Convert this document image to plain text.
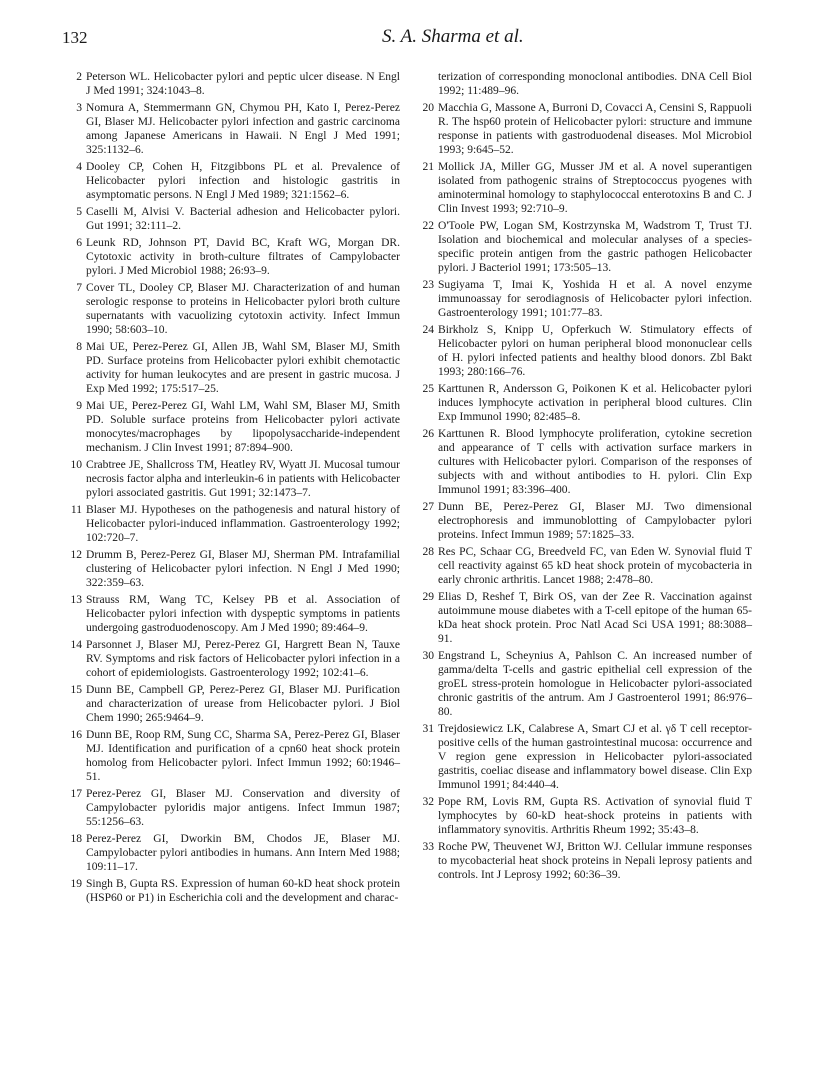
132	S. A. Sharma et al.
2 Peterson WL. Helicobacter pylori and peptic ulcer disease. N Engl J Med 1991; 324:1043–8.
3 Nomura A, Stemmermann GN, Chymou PH, Kato I, Perez-Perez GI, Blaser MJ. Helicobacter pylori infection and gastric carcinoma among Japanese Americans in Hawaii. N Engl J Med 1991; 325:1132–6.
4 Dooley CP, Cohen H, Fitzgibbons PL et al. Prevalence of Helicobacter pylori infection and histologic gastritis in asymptomatic persons. N Engl J Med 1989; 321:1562–6.
5 Caselli M, Alvisi V. Bacterial adhesion and Helicobacter pylori. Gut 1991; 32:111–2.
6 Leunk RD, Johnson PT, David BC, Kraft WG, Morgan DR. Cytotoxic activity in broth-culture filtrates of Campylobacter pylori. J Med Microbiol 1988; 26:93–9.
7 Cover TL, Dooley CP, Blaser MJ. Characterization of and human serologic response to proteins in Helicobacter pylori broth culture supernatants with vacuolizing cytotoxin activity. Infect Immun 1990; 58:603–10.
8 Mai UE, Perez-Perez GI, Allen JB, Wahl SM, Blaser MJ, Smith PD. Surface proteins from Helicobacter pylori exhibit chemotactic activity for human leukocytes and are present in gastric mucosa. J Exp Med 1992; 175:517–25.
9 Mai UE, Perez-Perez GI, Wahl LM, Wahl SM, Blaser MJ, Smith PD. Soluble surface proteins from Helicobacter pylori activate monocytes/macrophages by lipopolysaccharide-independent mechanism. J Clin Invest 1991; 87:894–900.
10 Crabtree JE, Shallcross TM, Heatley RV, Wyatt JI. Mucosal tumour necrosis factor alpha and interleukin-6 in patients with Helicobacter pylori associated gastritis. Gut 1991; 32:1473–7.
11 Blaser MJ. Hypotheses on the pathogenesis and natural history of Helicobacter pylori-induced inflammation. Gastroenterology 1992; 102:720–7.
12 Drumm B, Perez-Perez GI, Blaser MJ, Sherman PM. Intrafamilial clustering of Helicobacter pylori infection. N Engl J Med 1990; 322:359–63.
13 Strauss RM, Wang TC, Kelsey PB et al. Association of Helicobacter pylori infection with dyspeptic symptoms in patients undergoing gastroduodenoscopy. Am J Med 1990; 89:464–9.
14 Parsonnet J, Blaser MJ, Perez-Perez GI, Hargrett Bean N, Tauxe RV. Symptoms and risk factors of Helicobacter pylori infection in a cohort of epidemiologists. Gastroenterology 1992; 102:41–6.
15 Dunn BE, Campbell GP, Perez-Perez GI, Blaser MJ. Purification and characterization of urease from Helicobacter pylori. J Biol Chem 1990; 265:9464–9.
16 Dunn BE, Roop RM, Sung CC, Sharma SA, Perez-Perez GI, Blaser MJ. Identification and purification of a cpn60 heat shock protein homolog from Helicobacter pylori. Infect Immun 1992; 60:1946–51.
17 Perez-Perez GI, Blaser MJ. Conservation and diversity of Campylobacter pyloridis major antigens. Infect Immun 1987; 55:1256–63.
18 Perez-Perez GI, Dworkin BM, Chodos JE, Blaser MJ. Campylobacter pylori antibodies in humans. Ann Intern Med 1988; 109:11–17.
19 Singh B, Gupta RS. Expression of human 60-kD heat shock protein (HSP60 or P1) in Escherichia coli and the development and charac-
terization of corresponding monoclonal antibodies. DNA Cell Biol 1992; 11:489–96.
20 Macchia G, Massone A, Burroni D, Covacci A, Censini S, Rappuoli R. The hsp60 protein of Helicobacter pylori: structure and immune response in patients with gastroduodenal diseases. Mol Microbiol 1993; 9:645–52.
21 Mollick JA, Miller GG, Musser JM et al. A novel superantigen isolated from pathogenic strains of Streptococcus pyogenes with aminoterminal homology to staphylococcal enterotoxins B and C. J Clin Invest 1993; 92:710–9.
22 O'Toole PW, Logan SM, Kostrzynska M, Wadstrom T, Trust TJ. Isolation and biochemical and molecular analyses of a species-specific protein antigen from the gastric pathogen Helicobacter pylori. J Bacteriol 1991; 173:505–13.
23 Sugiyama T, Imai K, Yoshida H et al. A novel enzyme immunoassay for serodiagnosis of Helicobacter pylori infection. Gastroenterology 1991; 101:77–83.
24 Birkholz S, Knipp U, Opferkuch W. Stimulatory effects of Helicobacter pylori on human peripheral blood mononuclear cells of H. pylori infected patients and healthy blood donors. Zbl Bakt 1993; 280:166–76.
25 Karttunen R, Andersson G, Poikonen K et al. Helicobacter pylori induces lymphocyte activation in peripheral blood cultures. Clin Exp Immunol 1990; 82:485–8.
26 Karttunen R. Blood lymphocyte proliferation, cytokine secretion and appearance of T cells with activation surface markers in cultures with Helicobacter pylori. Comparison of the responses of subjects with and without antibodies to H. pylori. Clin Exp Immunol 1991; 83:396–400.
27 Dunn BE, Perez-Perez GI, Blaser MJ. Two dimensional electrophoresis and immunoblotting of Campylobacter pylori proteins. Infect Immun 1989; 57:1825–33.
28 Res PC, Schaar CG, Breedveld FC, van Eden W. Synovial fluid T cell reactivity against 65 kD heat shock protein of mycobacteria in early chronic arthritis. Lancet 1988; 2:478–80.
29 Elias D, Reshef T, Birk OS, van der Zee R. Vaccination against autoimmune mouse diabetes with a T-cell epitope of the human 65-kDa heat shock protein. Proc Natl Acad Sci USA 1991; 88:3088–91.
30 Engstrand L, Scheynius A, Pahlson C. An increased number of gamma/delta T-cells and gastric epithelial cell expression of the groEL stress-protein homologue in Helicobacter pylori-associated chronic gastritis of the antrum. Am J Gastroenterol 1991; 86:976–80.
31 Trejdosiewicz LK, Calabrese A, Smart CJ et al. γδ T cell receptor-positive cells of the human gastrointestinal mucosa: occurrence and V region gene expression in Helicobacter pylori-associated gastritis, coeliac disease and inflammatory bowel disease. Clin Exp Immunol 1991; 84:440–4.
32 Pope RM, Lovis RM, Gupta RS. Activation of synovial fluid T lymphocytes by 60-kD heat-shock proteins in patients with inflammatory synovitis. Arthritis Rheum 1992; 35:43–8.
33 Roche PW, Theuvenet WJ, Britton WJ. Cellular immune responses to mycobacterial heat shock proteins in Nepali leprosy patients and controls. Int J Leprosy 1992; 60:36–39.
